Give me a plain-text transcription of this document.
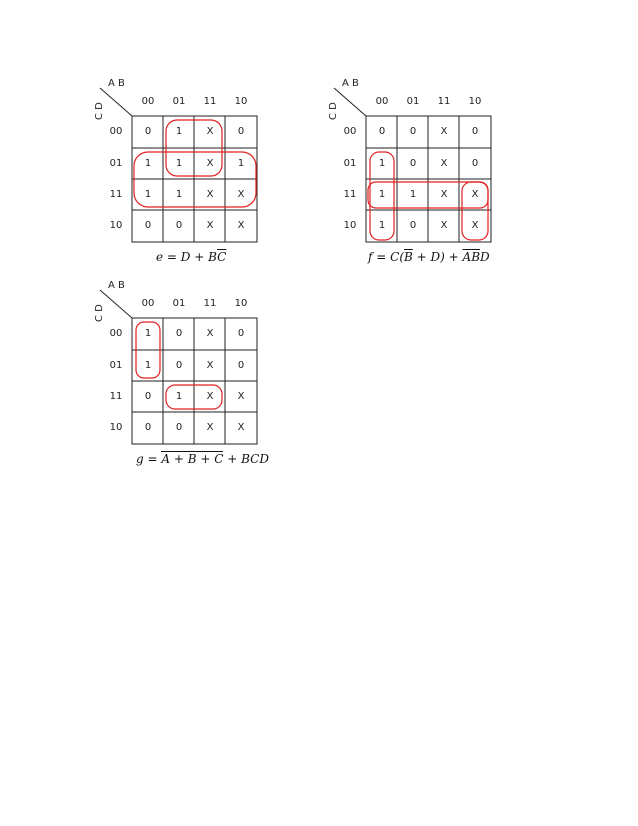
A B
C D
00 01 11 10
00
01
11
10
0	1	X	0
1	1	X	1
1	1	X	X
0	0	X	X
$e = D + B\overline{C}$
A B
C D
00 01 11 10
00
01
11
10
0	0	X	0
1	0	X	0
1	1	X	X
1	0	X	X
$f = C(\overline{B} + D) + \overline{A}\overline{B}D$
A B
C D
00 01 11 10
00
01
11
10
1	0	X	0
1	0	X	0
0	1	X	X
0	0	X	X
g = A + B + C + BCD
